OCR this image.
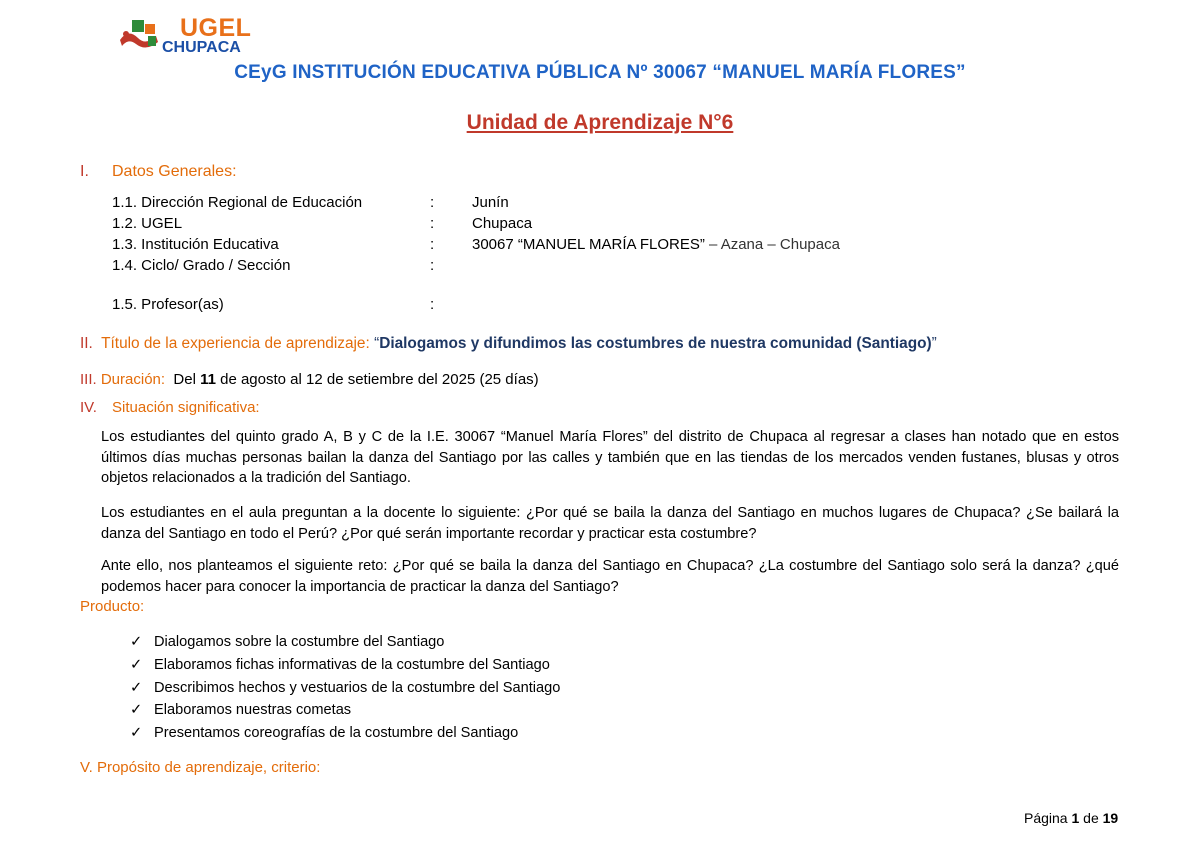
UGEL
CHUPACA
CEyG INSTITUCIÓN EDUCATIVA PÚBLICA Nº 30067 “MANUEL MARÍA FLORES”
Unidad de Aprendizaje N°6
I. Datos Generales:
1.1. Dirección Regional de Educación	:	Junín
1.2. UGEL	:	Chupaca
1.3. Institución Educativa	:	30067 “MANUEL MARÍA FLORES” – Azana – Chupaca
1.4. Ciclo/ Grado / Sección	:
1.5. Profesor(as)	:
II. Título de la experiencia de aprendizaje: “Dialogamos y difundimos las costumbres de nuestra comunidad (Santiago)”
III. Duración: Del 11 de agosto al 12 de setiembre del 2025 (25 días)
IV. Situación significativa:
Los estudiantes del quinto grado A, B y C de la I.E. 30067 “Manuel María Flores” del distrito de Chupaca al regresar a clases han notado que en estos últimos días muchas personas bailan la danza del Santiago por las calles y también que en las tiendas de los mercados venden fustanes, blusas y otros objetos relacionados a la tradición del Santiago.
Los estudiantes en el aula preguntan a la docente lo siguiente: ¿Por qué se baila la danza del Santiago en muchos lugares de Chupaca? ¿Se bailará la danza del Santiago en todo el Perú? ¿Por qué serán importante recordar y practicar esta costumbre?
Ante ello, nos planteamos el siguiente reto: ¿Por qué se baila la danza del Santiago en Chupaca? ¿La costumbre del Santiago solo será la danza? ¿qué podemos hacer para conocer la importancia de practicar la danza del Santiago?
Producto:
✓ Dialogamos sobre la costumbre del Santiago
✓ Elaboramos fichas informativas de la costumbre del Santiago
✓ Describimos hechos y vestuarios de la costumbre del Santiago
✓ Elaboramos nuestras cometas
✓ Presentamos coreografías de la costumbre del Santiago
V. Propósito de aprendizaje, criterio:
Página 1 de 19
